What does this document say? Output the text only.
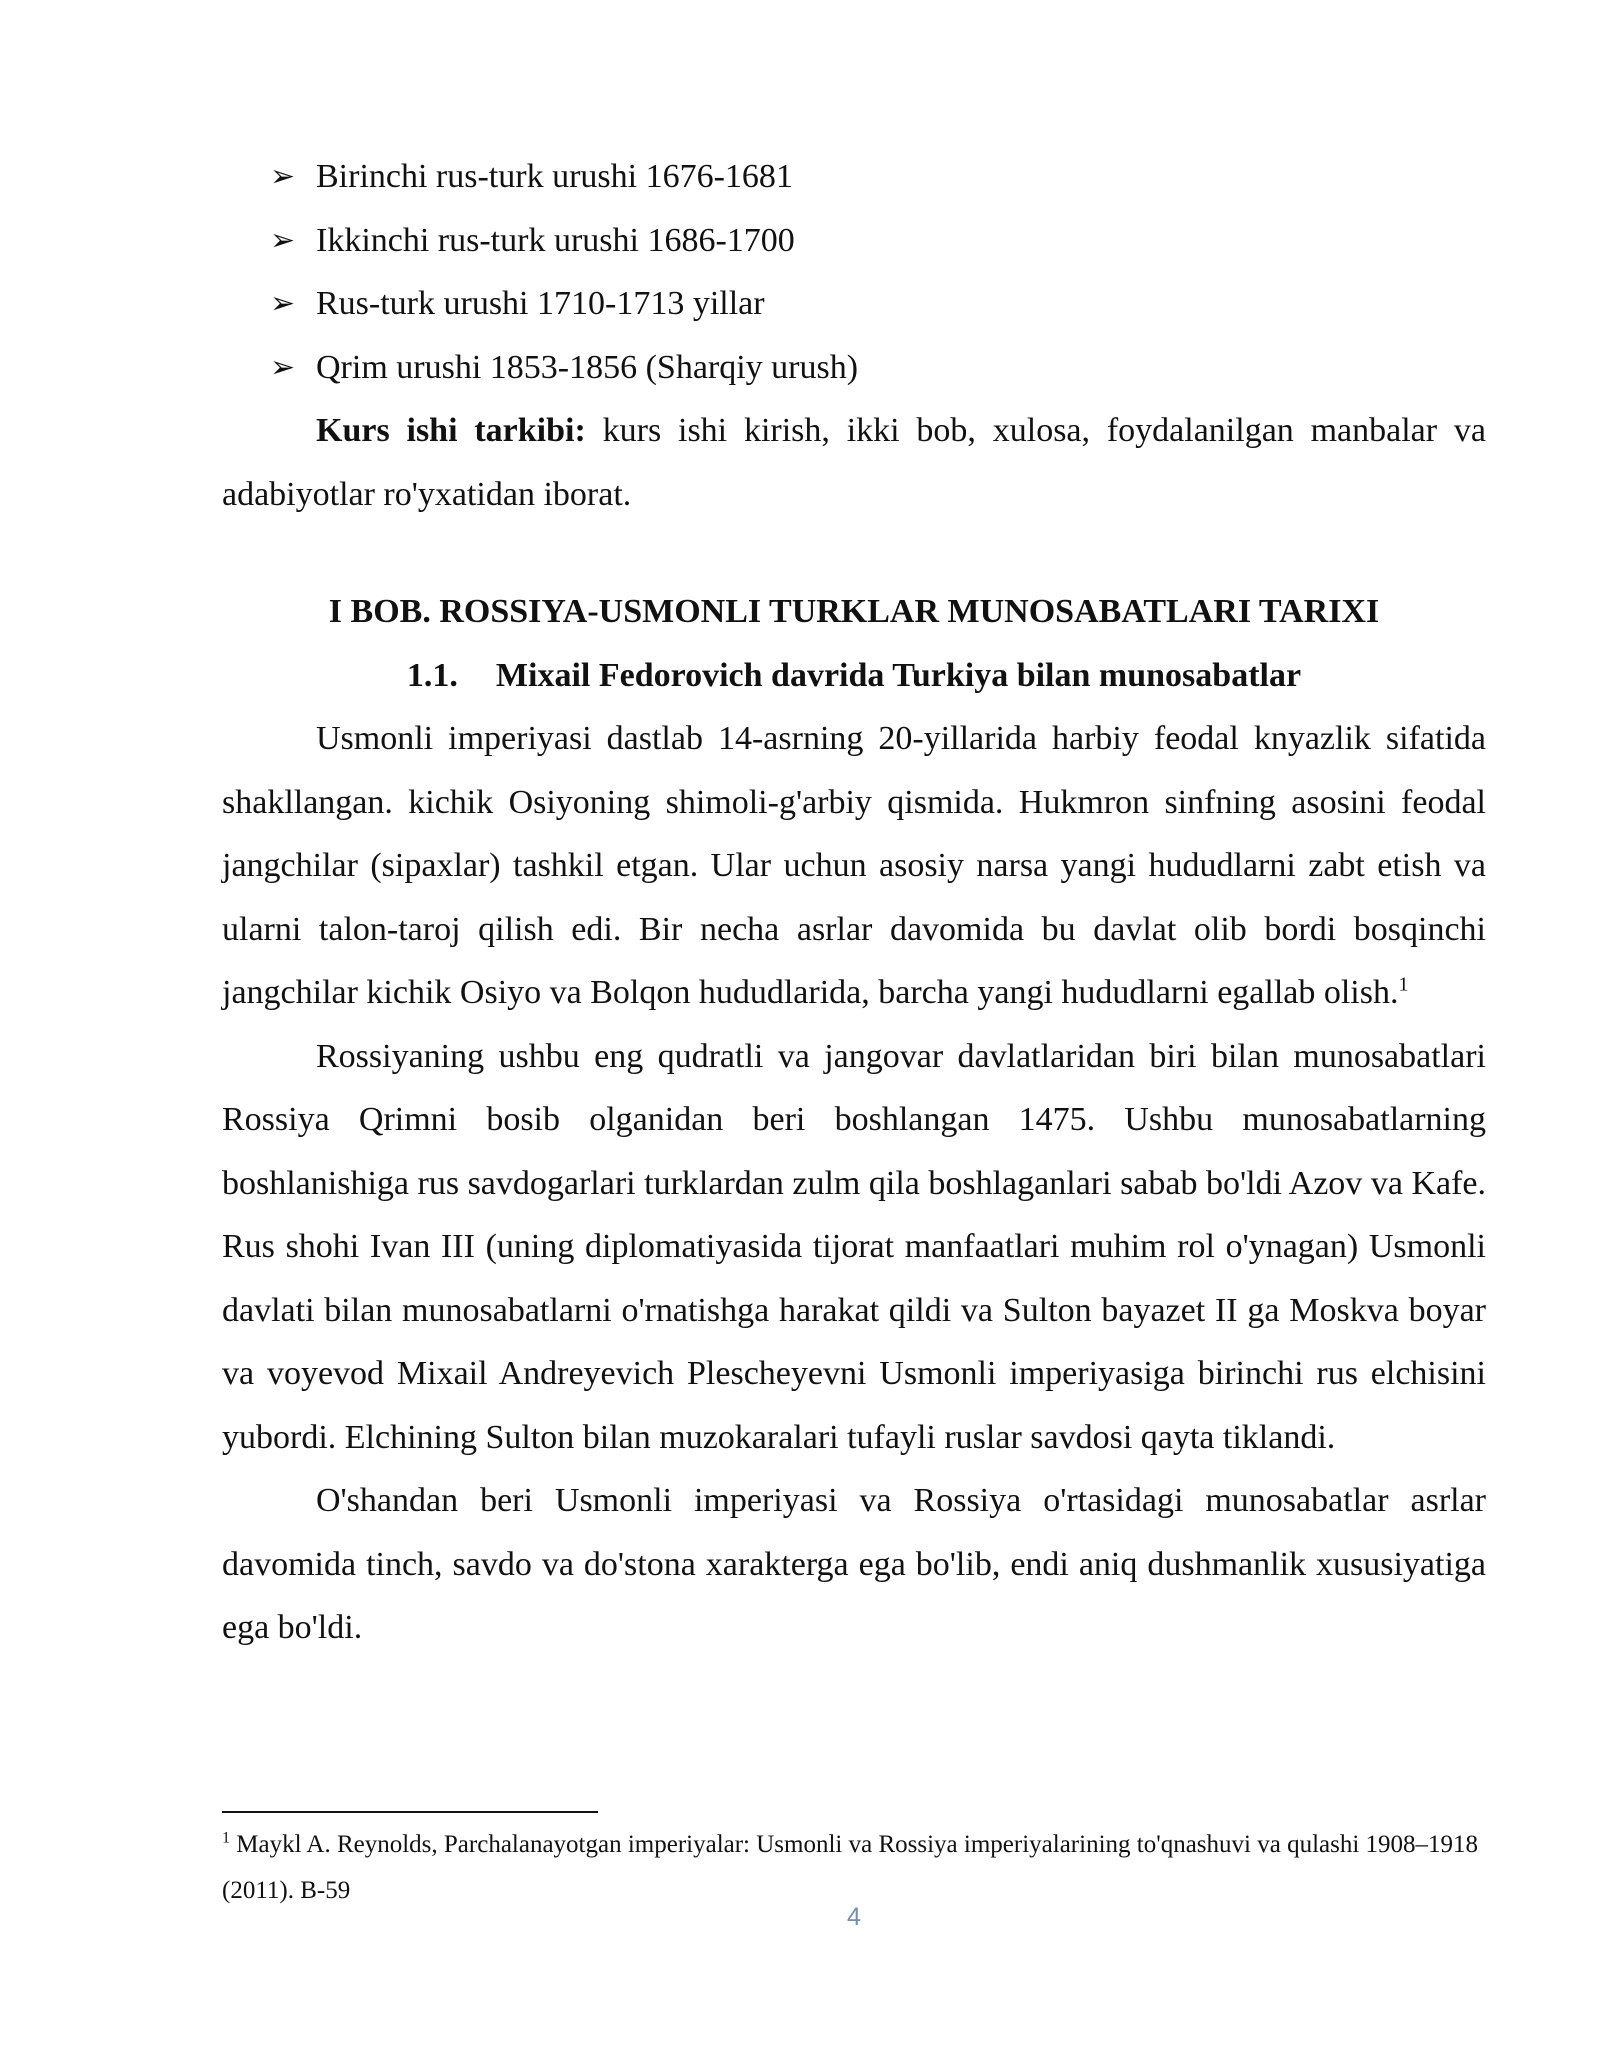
➢ Birinchi rus-turk urushi 1676-1681
➢ Ikkinchi rus-turk urushi 1686-1700
➢ Rus-turk urushi 1710-1713 yillar
➢ Qrim urushi 1853-1856 (Sharqiy urush)

Kurs ishi tarkibi: kurs ishi kirish, ikki bob, xulosa, foydalanilgan manbalar va adabiyotlar ro'yxatidan iborat.

I BOB. ROSSIYA-USMONLI TURKLAR MUNOSABATLARI TARIXI
1.1. Mixail Fedorovich davrida Turkiya bilan munosabatlar

Usmonli imperiyasi dastlab 14-asrning 20-yillarida harbiy feodal knyazlik sifatida shakllangan. kichik Osiyoning shimoli-g'arbiy qismida. Hukmron sinfning asosini feodal jangchilar (sipaxlar) tashkil etgan. Ular uchun asosiy narsa yangi hududlarni zabt etish va ularni talon-taroj qilish edi. Bir necha asrlar davomida bu davlat olib bordi bosqinchi jangchilar kichik Osiyo va Bolqon hududlarida, barcha yangi hududlarni egallab olish.$^1$

Rossiyaning ushbu eng qudratli va jangovar davlatlaridan biri bilan munosabatlari Rossiya Qrimni bosib olganidan beri boshlangan 1475. Ushbu munosabatlarning boshlanishiga rus savdogarlari turklardan zulm qila boshlaganlari sabab bo'ldi Azov va Kafe. Rus shohi Ivan III (uning diplomatiyasida tijorat manfaatlari muhim rol o'ynagan) Usmonli davlati bilan munosabatlarni o'rnatishga harakat qildi va Sulton bayazet II ga Moskva boyar va voyevod Mixail Andreyevich Plescheyevni Usmonli imperiyasiga birinchi rus elchisini yubordi. Elchining Sulton bilan muzokaralari tufayli ruslar savdosi qayta tiklandi.

O'shandan beri Usmonli imperiyasi va Rossiya o'rtasidagi munosabatlar asrlar davomida tinch, savdo va do'stona xarakterga ega bo'lib, endi aniq dushmanlik xususiyatiga ega bo'ldi.

$^1$ Maykl A. Reynolds, Parchalanayotgan imperiyalar: Usmonli va Rossiya imperiyalarining to'qnashuvi va qulashi 1908–1918 (2011). B-59

4
